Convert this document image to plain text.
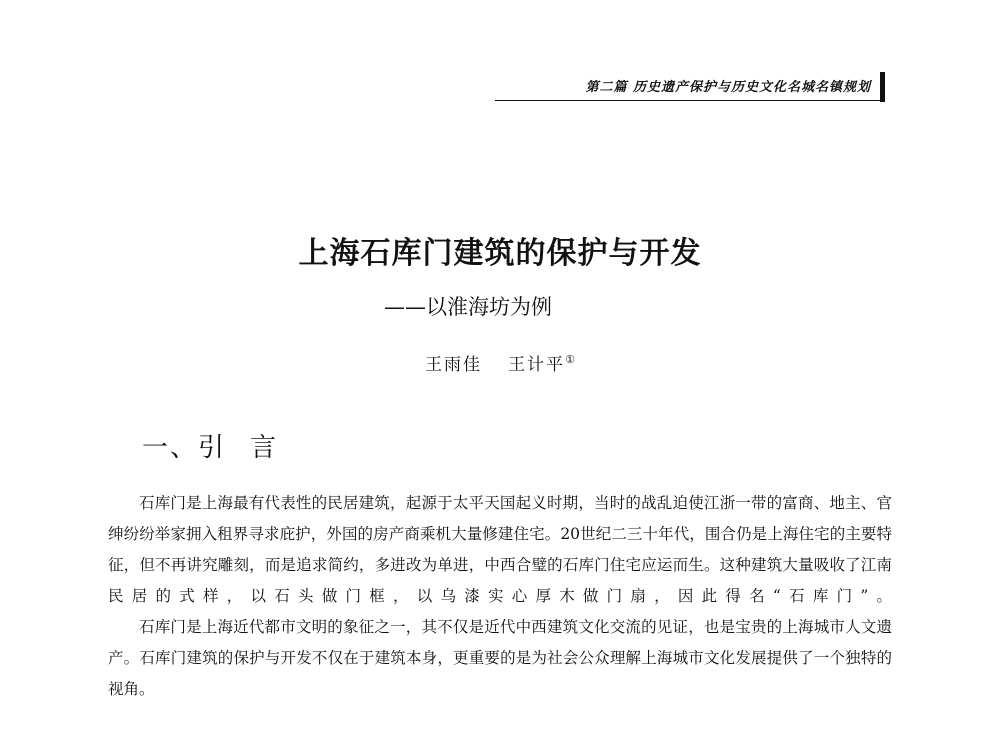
第二篇 历史遗产保护与历史文化名城名镇规划
上海石库门建筑的保护与开发
——以淮海坊为例
王雨佳 王计平①
一、引 言

石库门是上海最有代表性的民居建筑，起源于太平天国起义时期，当时的战乱迫使江浙一带的富商、地主、官绅纷纷举家拥入租界寻求庇护，外国的房产商乘机大量修建住宅。20世纪二三十年代，围合仍是上海住宅的主要特征，但不再讲究雕刻，而是追求简约，多进改为单进，中西合璧的石库门住宅应运而生。这种建筑大量吸收了江南民居的式样，以石头做门框，以乌漆实心厚木做门扇，因此得名“石库门”。

石库门是上海近代都市文明的象征之一，其不仅是近代中西建筑文化交流的见证，也是宝贵的上海城市人文遗产。石库门建筑的保护与开发不仅在于建筑本身，更重要的是为社会公众理解上海城市文化发展提供了一个独特的视角。
